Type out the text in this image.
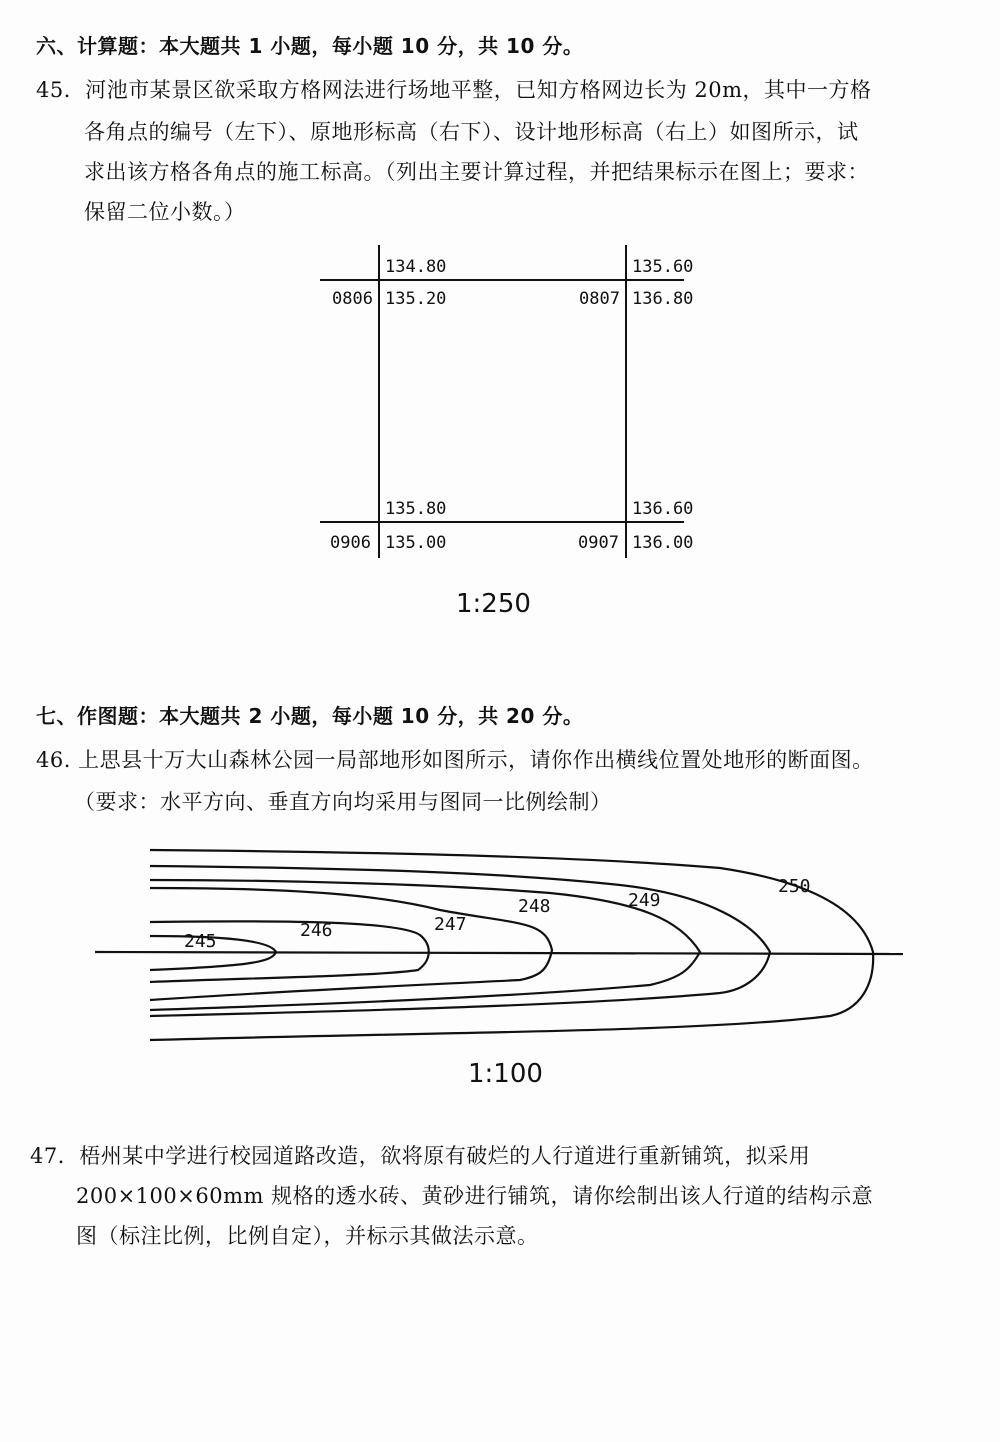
六、计算题：本大题共 1 小题，每小题 10 分，共 10 分。
45．河池市某景区欲采取方格网法进行场地平整，已知方格网边长为 20m，其中一方格
各角点的编号（左下）、原地形标高（右下）、设计地形标高（右上）如图所示，试
求出该方格各角点的施工标高。（列出主要计算过程，并把结果标示在图上；要求：
保留二位小数。）
134.80
135.20
0806
135.60
136.80
0807
135.80
135.00
0906
136.60
136.00
0907
1:250
245
246	247
248	249
250
1:100
七、作图题：本大题共 2 小题，每小题 10 分，共 20 分。
46. 上思县十万大山森林公园一局部地形如图所示，请你作出横线位置处地形的断面图。
（要求：水平方向、垂直方向均采用与图同一比例绘制）
47．梧州某中学进行校园道路改造，欲将原有破烂的人行道进行重新铺筑，拟采用
200×100×60mm 规格的透水砖、黄砂进行铺筑，请你绘制出该人行道的结构示意
图（标注比例，比例自定），并标示其做法示意。
